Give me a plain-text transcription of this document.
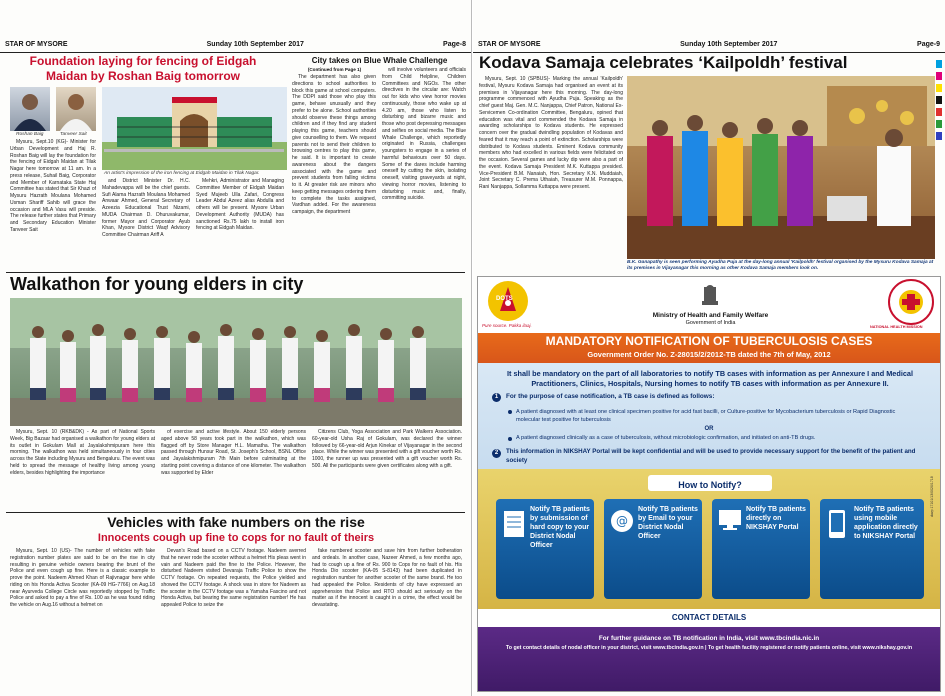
STAR OF MYSORE	Sunday 10th September 2017	Page-8
Foundation laying for fencing of Eidgah
Maidan by Roshan Baig tomorrow
Roshan Baig	Tanveer Sait

Mysuru, Sept.10 (KG)- Minister for Urban Development and Haj R. Roshan Baig will lay the foundation for the fencing of Eidgah Maidan at Tilak Nagar here tomorrow at 11 am. In a press release, Suhail Baig, Corporator and Member of Karnataka State Haj Committee has stated that Sir Khazi of Mysuru Hazrath Moulana Mohamed Usman Shariff Sahib will grace the occasion and MLA Vasu will preside. The release further states that Primary and Secondary Education Minister Tanveer Sait

An artist's impression of the iron fencing at Eidgah Maidan in Tilak Nagar.

and District Minister Dr. H.C. Mahadevappa will be the chief guests. Sufi Alama Hazrath Moulana Mohamed Anwaar Ahmed, General Secretary of Azeezia Educational Trust Nizami, MUDA Chairman D. Dhuruvakumar, former Mayor and Corporator Ayub Khan, Mysore District Waqf Advisory Committee Chairman Ariff A

Mehkri, Administrator and Managing Committee Member of Eidgah Maidan Syed Mujeeb Ulla Zafari, Congress Leader Abdul Azeez alias Abdulla and others will be present. Mysore Urban Development Authority (MUDA) has sanctioned Rs.75 lakh to install iron fencing at Eidgah Maidan.

City takes on Blue Whale Challenge
(Continued from Page 1)

The department has also given directions to school authorities to block this game at school computers. The DDPI said those who play this game, behave unusually and they prefer to be alone. School authorities should observe these things among children and if they find any student playing this game, teachers should give counselling to them. We request parents not to send their children to browsing centres to play this game, he said. It is important to create awareness about the dangers associated with the game and prevent students from falling victims to it. At greater risk are minors who keep getting messages ordering them to complete the tasks assigned, Vardhan added. For the awareness campaign, the department

will involve volunteers and officials from Child Helpline, Children Committees and NGOs. The other directives in the circular are: Watch out for kids who view horror movies continuously, those who wake up at 4.20 am, those who listen to disturbing and bizarre music and those who post depressing messages and selfies on social media. The Blue Whale Challenge, which reportedly originated in Russia, challenges youngsters to engage in a series of harmful behaviours over 50 days. Some of the dares include harming oneself by cutting the skin, isolating oneself, visiting graveyards at night, viewing horror movies, listening to disturbing music and, finally, committing suicide.

Walkathon for young elders in city

Mysuru, Sept. 10 (RKB&DK) - As part of National Sports Week, Big Bazaar had organised a walkathon for young elders at its outlet in Gokulam Mall at Jayalakshmipuram here this morning. The walkathon was held simultaneously in four cities across the State including Mysuru and Bengaluru. The event was held to spread the message of healthy living among young elders, besides highlighting the importance

of exercise and active lifestyle. About 150 elderly persons aged above 58 years took part in the walkathon, which was flagged off by Store Manager H.L. Mamatha. The walkathon passed through Hunsur Road, St. Joseph's School, BSNL Office and Jayalakshmipuram 7th Main before culminating at the starting point covering a distance of one kilometer. The walkathon was supported by Elder

Citizens Club, Yoga Association and Park Walkers Association. 60-year-old Usha Raj of Gokulam, was declared the winner followed by 66-year-old Arjun Kinekar of Vijayanagar in the second place. While the winner was presented with a gift voucher worth Rs. 1000, the runner up was presented with a gift voucher worth Rs. 500. All the participants were given certificates along with a gift.

Vehicles with fake numbers on the rise
Innocents cough up fine to cops for no fault of theirs

Mysuru, Sept. 10 (US)- The number of vehicles with fake registration number plates are said to be on the rise in city resulting in genuine vehicle owners bearing the brunt of the Police and even cough up fine. Here is a classic example to prove the point. Nadeem Ahmed Khan of Rajivnagar here while riding on his Honda Activa Scooter (KA-09 HG-7766) on Aug.18 near Ayurveda College Circle was reportedly stopped by Traffic Police and asked to pay a fine of Rs. 100 as he was found riding the vehicle on Aug.16 without a helmet on

Devan's Road based on a CCTV footage. Nadeem averred that he never rode the scooter without a helmet His pleas went in vain and Nadeem paid the fine to the Police. However, the disturbed Nadeem visited Devaraja Traffic Police to show the CCTV footage. On repeated requests, the Police yielded and showed the CCTV footage. A shock was in store for Nadeem as the scooter in the CCTV footage was a Yamaha Fascino and not Honda Activa, but bearing the same registration number! He has appealed Police to seize the

fake numbered scooter and save him from further botheration and ordeals. In another case, Nazeer Ahmed, a few months ago, had to cough up a fine of Rs. 900 to Cops for no fault of his. His Honda Dio scooter (KA-05 S-8143) had been duplicated in registration number for another scooter of the same brand. He too had appealed the Police. Residents of city have expressed an apprehension that Police and RTO should act seriously on the matter as if the innocent is caught in a crime, the effect would be devastating.

STAR OF MYSORE	Sunday 10th September 2017	Page-9
Kodava Samaja celebrates ‘Kailpoldh’ festival

Mysuru, Sept. 10 (SPBUS)- Marking the annual 'Kailpoldh' festival, Mysuru Kodava Samaja had organised an event at its premises in Vijayanagar here this morning. The day-long programme commenced with Ayudha Puja. Speaking as the chief guest Maj. Gen. M.C. Nanjappa, Chief Patron, National Ex-Servicemen Co-ordination Committee, Bengaluru, opined that education was vital and commended the Kodava Samaja in awarding scholarships to Kodava students. He expressed concern over the gradual dwindling population of Kodavas and feared that it may reach a point of extinction. Scholarships were distributed to Kodava students. Eminent Kodava community members who had excelled in various fields were felicitated on the occasion. Several games and lucky dip were also a part of the event. Kodava Samaja President M.K. Kuttappa presided. Vice-President B.M. Nanaiah, Hon. Secretary K.N. Muddaiah, Joint Secretary C. Prema Uthaiah, Treasurer M.M. Ponnappa, Rani Nanjappa, Sollamma Kuttappa were present.

B.K. Ganapathy is seen performing Ayudha Puja at the day-long annual 'Kailpoldh' festival organised by the Mysuru Kodava Samaja at its premises in Vijayanagar this morning as other Kodava Samaja members look on.
DOTS
Pure source. Pakka ilaaj.
Ministry of Health and Family Welfare
Government of India
NATIONAL HEALTH MISSION
MANDATORY NOTIFICATION OF TUBERCULOSIS CASES
Government Order No. Z-28015/2/2012-TB dated the 7th of May, 2012
It shall be mandatory on the part of all laboratories to notify TB cases with information as per Annexure I and Medical Practitioners, Clinics, Hospitals, Nursing homes to notify TB cases with information as per Annexure II.
1	For the purpose of case notification, a TB case is defined as follows:
A patient diagnosed with at least one clinical specimen positive for acid fast bacilli, or Culture-positive for Mycobacterium tuberculosis or Rapid Diagnostic molecular test positive for tuberculosis
OR
A patient diagnosed clinically as a case of tuberculosis, without microbiologic confirmation, and initiated on anti-TB drugs.
2	This information in NIKSHAY Portal will be kept confidential and will be used to provide necessary support for the benefit of the patient and society
How to Notify?
Notify TB patients by submission of hard copy to your District Nodal Officer
@
Notify TB patients by Email to your District Nodal Officer
Notify TB patients directly on NIKSHAY Portal
Notify TB patients using mobile application directly to NIKSHAY Portal
CONTACT DETAILS
For further guidance on TB notification in India, visit www.tbcindia.nic.in
To get contact details of nodal officer in your district, visit www.tbcindia.gov.in | To get health facility registered or notify patients online, visit www.nikshay.gov.in
davp 17101/13/0020/1718
